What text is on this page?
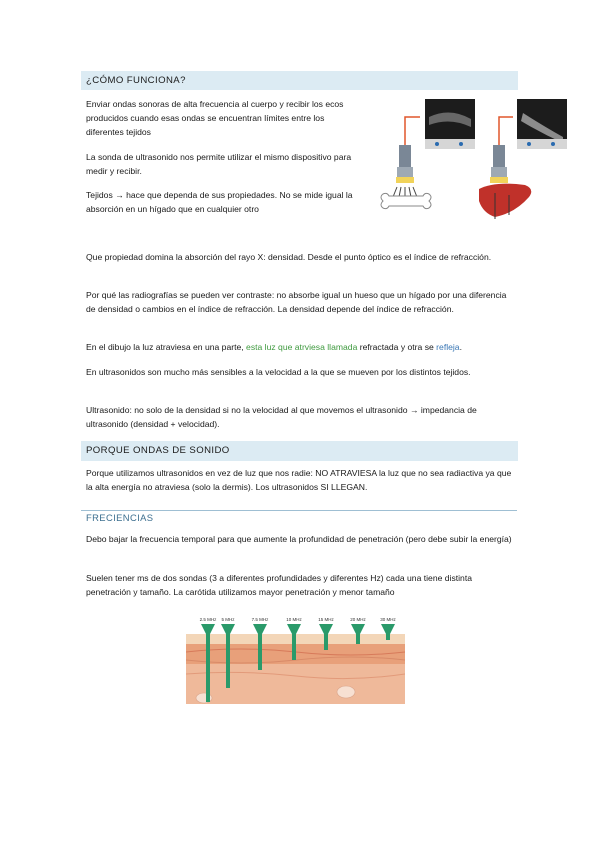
¿CÓMO FUNCIONA?
Enviar ondas sonoras de alta frecuencia al cuerpo y recibir los ecos producidos cuando esas ondas se encuentran límites entre los diferentes tejidos
La sonda de ultrasonido nos permite utilizar el mismo dispositivo para medir y recibir.
Tejidos → hace que dependa de sus propiedades. No se mide igual la absorción en un hígado que en cualquier otro
Que propiedad domina la absorción del rayo X: densidad. Desde el punto óptico es el índice de refracción.
Por qué las radiografías se pueden ver contraste: no absorbe igual un hueso que un hígado por una diferencia de densidad o cambios en el índice de refracción. La densidad depende del índice de refracción.
En el dibujo la luz atraviesa en una parte, esta luz que atrviesa llamada refractada y otra se refleja.
En ultrasonidos son mucho más sensibles a la velocidad a la que se mueven por los distintos tejidos.
Ultrasonido: no solo de la densidad si no la velocidad al que movemos el ultrasonido → impedancia de ultrasonido (densidad + velocidad).
PORQUE ONDAS DE SONIDO
Porque utilizamos ultrasonidos en vez de luz que nos radie: NO ATRAVIESA la luz que no sea radiactiva ya que la alta energía no atraviesa (solo la dermis). Los ultrasonidos SI LLEGAN.
FRECIENCIAS
Debo bajar la frecuencia temporal para que aumente la profundidad de penetración (pero debe subir la energía)
Suelen tener ms de dos sondas (3 a diferentes profundidades y diferentes Hz) cada una tiene distinta penetración y tamaño. La carótida utilizamos mayor penetración y menor tamaño
2.5 MHz 5 MHz	7.5 MHz	10 MHz	15 MHz	20 MHz	30 MHz
